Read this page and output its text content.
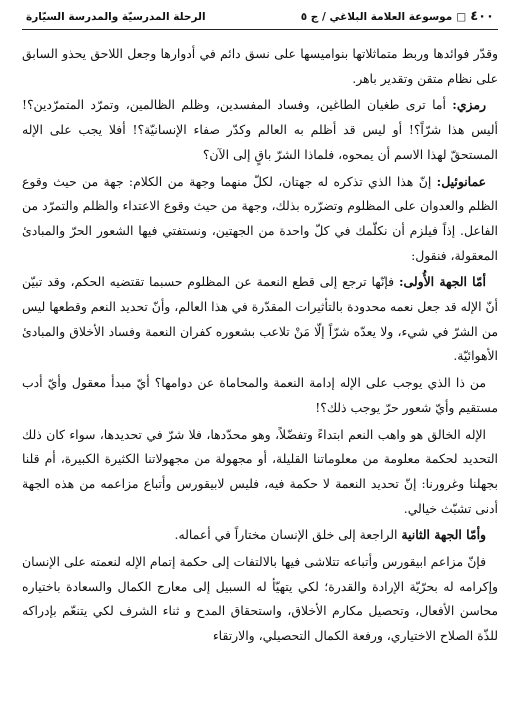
٤٠٠
□
موسوعة العلامة البلاغي / ج ٥
الرحلة المدرسيّة والمدرسة السيّارة

وقدّر فوائدها وربط متماثلاتها بنواميسها على نسق دائم في أدوارها وجعل اللاحق يحذو السابق على نظام متقن وتقدير باهر.

رمزي: أما ترى طغيان الطاغين، وفساد المفسدين، وظلم الظالمين، وتمرّد المتمرّدين؟! أليس هذا شرّاً؟! أو ليس قد أظلم به العالم وكدّر صفاء الإنسانيّة؟! أفلا يجب على الإله المستحقّ لهذا الاسم أن يمحوه، فلماذا الشرّ باقٍ إلى الآن؟

عمانوئيل: إنّ هذا الذي تذكره له جهتان، لكلّ منهما وجهة من الكلام: جهة من حيث وقوع الظلم والعدوان على المظلوم وتضرّره بذلك، وجهة من حيث وقوع الاعتداء والظلم والتمرّد من الفاعل. إذاً فيلزم أن نكلّمك في كلّ واحدة من الجهتين، ونستفتي فيها الشعور الحرّ والمبادئ المعقولة، فنقول:

أمّا الجهة الأُولى: فإنّها ترجع إلى قطع النعمة عن المظلوم حسبما تقتضيه الحكم، وقد تبيّن أنّ الإله قد جعل نعمه محدودة بالتأثيرات المقدّرة في هذا العالم، وأنّ تحديد النعم وقطعها ليس من الشرّ في شيء، ولا يعدّه شرّاً إلّا مَنْ تلاعب بشعوره كفران النعمة وفساد الأخلاق والمبادئ الأهوائيّة.

من ذا الذي يوجب على الإله إدامة النعمة والمحاماة عن دوامها؟ أيّ مبدأ معقول وأيّ أدب مستقيم وأيّ شعور حرّ يوجب ذلك؟!

الإله الخالق هو واهب النعم ابتداءً وتفضّلاً، وهو محدّدها، فلا شرّ في تحديدها، سواء كان ذلك التحديد لحكمة معلومة من معلوماتنا القليلة، أو مجهولة من مجهولاتنا الكثيرة الكبيرة، أم قلنا بجهلنا وغرورنا: إنّ تحديد النعمة لا حكمة فيه، فليس لابيقورس وأتباع مزاعمه من هذه الجهة أدنى تشبّث خيالي.

وأمّا الجهة الثانية الراجعة إلى خلق الإنسان مختاراً في أعماله.

فإنّ مزاعم ابيقورس وأتباعه تتلاشى فيها بالالتفات إلى حكمة إتمام الإله لنعمته على الإنسان وإكرامه له بحرّيّة الإرادة والقدرة؛ لكي يتهيّأ له السبيل إلى معارج الكمال والسعادة باختياره محاسن الأفعال، وتحصيل مكارم الأخلاق، واستحقاق المدح و ثناء الشرف لكي يتنعّم بإدراكه للذّة الصلاح الاختياري، ورفعة الكمال التحصيلي، والارتقاء
